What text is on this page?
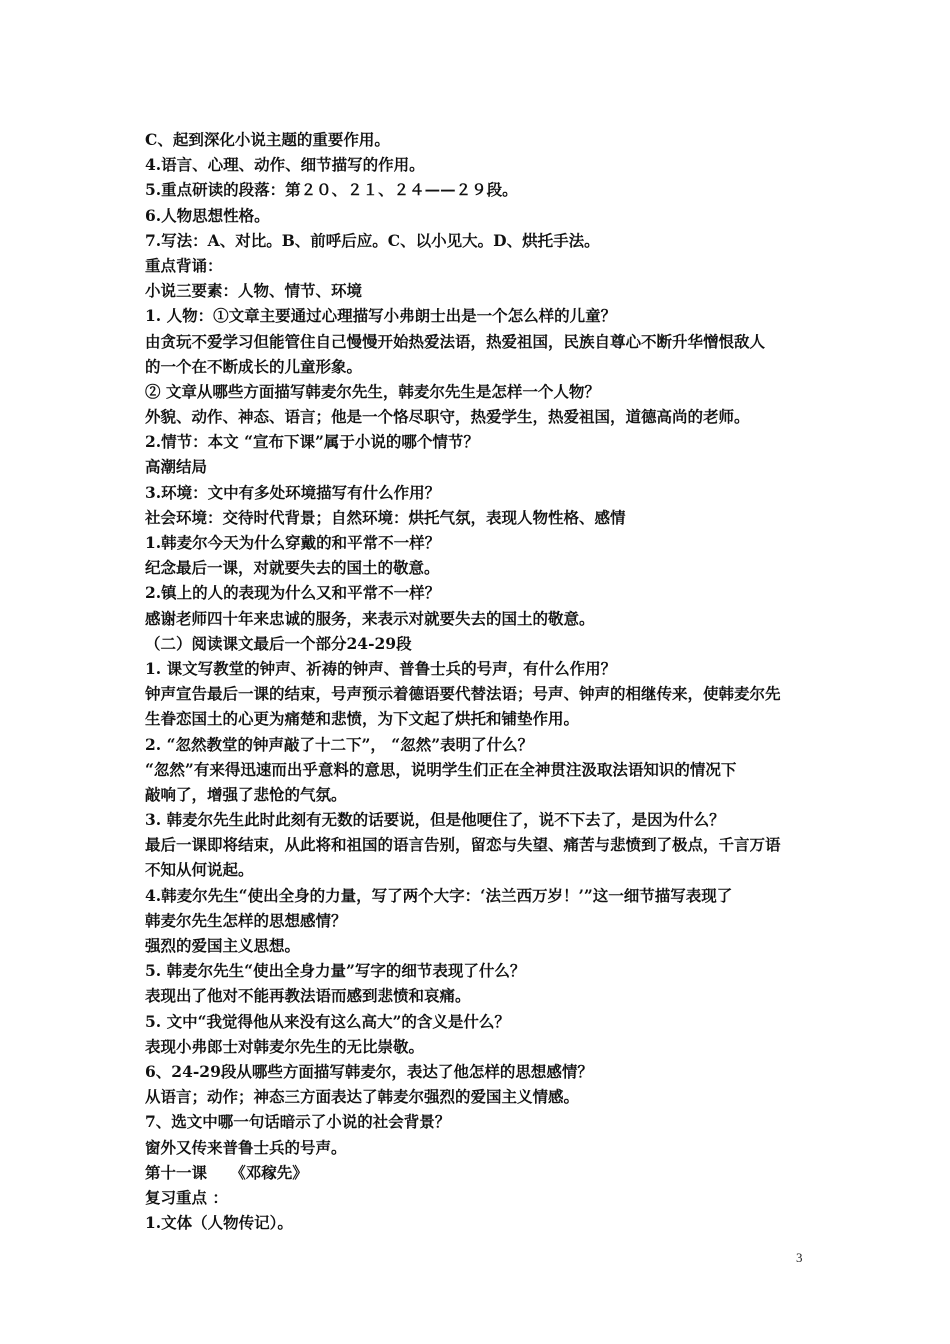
C、起到深化小说主题的重要作用。
4.语言、心理、动作、细节描写的作用。
5.重点研读的段落：第２０、２１、２４——２９段。
6.人物思想性格。
7.写法：A、对比。B、前呼后应。C、以小见大。D、烘托手法。
重点背诵：
小说三要素：人物、情节、环境
1. 人物：①文章主要通过心理描写小弗朗士出是一个怎么样的儿童？
由贪玩不爱学习但能管住自己慢慢开始热爱法语，热爱祖国，民族自尊心不断升华憎恨敌人
的一个在不断成长的儿童形象。
② 文章从哪些方面描写韩麦尔先生，韩麦尔先生是怎样一个人物？
外貌、动作、神态、语言；他是一个恪尽职守，热爱学生，热爱祖国，道德高尚的老师。
2.情节：本文 “宣布下课”属于小说的哪个情节？
高潮结局
3.环境：文中有多处环境描写有什么作用？
社会环境：交待时代背景；自然环境：烘托气氛，表现人物性格、感情
1.韩麦尔今天为什么穿戴的和平常不一样？
纪念最后一课，对就要失去的国土的敬意。
2.镇上的人的表现为什么又和平常不一样？
感谢老师四十年来忠诚的服务，来表示对就要失去的国土的敬意。
（二）阅读课文最后一个部分24-29段
1. 课文写教堂的钟声、祈祷的钟声、普鲁士兵的号声，有什么作用？
钟声宣告最后一课的结束，号声预示着德语要代替法语；号声、钟声的相继传来，使韩麦尔先
生眷恋国土的心更为痛楚和悲愤，为下文起了烘托和铺垫作用。
2. “忽然教堂的钟声敲了十二下”， “忽然”表明了什么？
“忽然”有来得迅速而出乎意料的意思，说明学生们正在全神贯注汲取法语知识的情况下
敲响了，增强了悲怆的气氛。
3. 韩麦尔先生此时此刻有无数的话要说，但是他哽住了，说不下去了，是因为什么？
最后一课即将结束，从此将和祖国的语言告别，留恋与失望、痛苦与悲愤到了极点，千言万语
不知从何说起。
4.韩麦尔先生“使出全身的力量，写了两个大字：‘法兰西万岁！’”这一细节描写表现了
韩麦尔先生怎样的思想感情？
强烈的爱国主义思想。
5. 韩麦尔先生“使出全身力量”写字的细节表现了什么？
表现出了他对不能再教法语而感到悲愤和哀痛。
5. 文中“我觉得他从来没有这么高大”的含义是什么？
表现小弗郎士对韩麦尔先生的无比崇敬。
6、24-29段从哪些方面描写韩麦尔，表达了他怎样的思想感情？
从语言；动作；神态三方面表达了韩麦尔强烈的爱国主义情感。
7、选文中哪一句话暗示了小说的社会背景？
窗外又传来普鲁士兵的号声。
第十一课　　《邓稼先》
复习重点 ：
1.文体（人物传记）。
3
